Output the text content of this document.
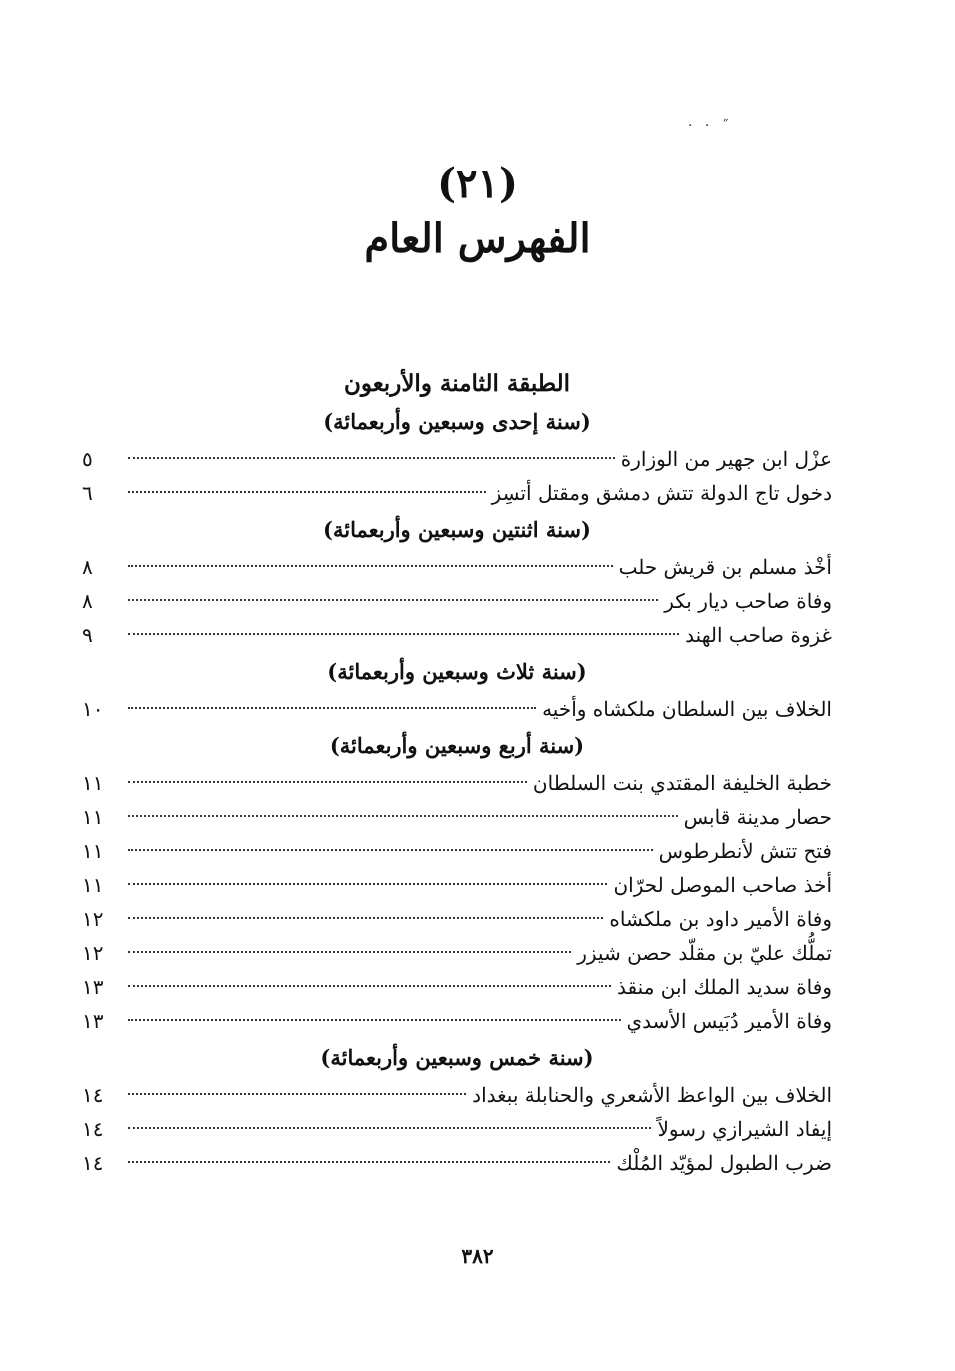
· · ˝
(٢١)
الفهرس العام
الطبقة الثامنة والأربعون
(سنة إحدى وسبعين وأربعمائة)
عزْل ابن جهير من الوزارة
٥
دخول تاج الدولة تتش دمشق ومقتل أتسِز
٦
(سنة اثنتين وسبعين وأربعمائة)
أخْذ مسلم بن قريش حلب
٨
وفاة صاحب ديار بكر
٨
غزوة صاحب الهند
٩
(سنة ثلاث وسبعين وأربعمائة)
الخلاف بين السلطان ملكشاه وأخيه
١٠
(سنة أربع وسبعين وأربعمائة)
خطبة الخليفة المقتدي بنت السلطان
١١
حصار مدينة قابس
١١
فتح تتش لأنطرطوس
١١
أخذ صاحب الموصل لحرّان
١١
وفاة الأمير داود بن ملكشاه
١٢
تملُّك عليّ بن مقلّد حصن شيزر
١٢
وفاة سديد الملك ابن منقذ
١٣
وفاة الأمير دُبَيس الأسدي
١٣
(سنة خمس وسبعين وأربعمائة)
الخلاف بين الواعظ الأشعري والحنابلة ببغداد
١٤
إيفاد الشيرازي رسولاً
١٤
ضرب الطبول لمؤيّد المُلْك
١٤
٣٨٢
